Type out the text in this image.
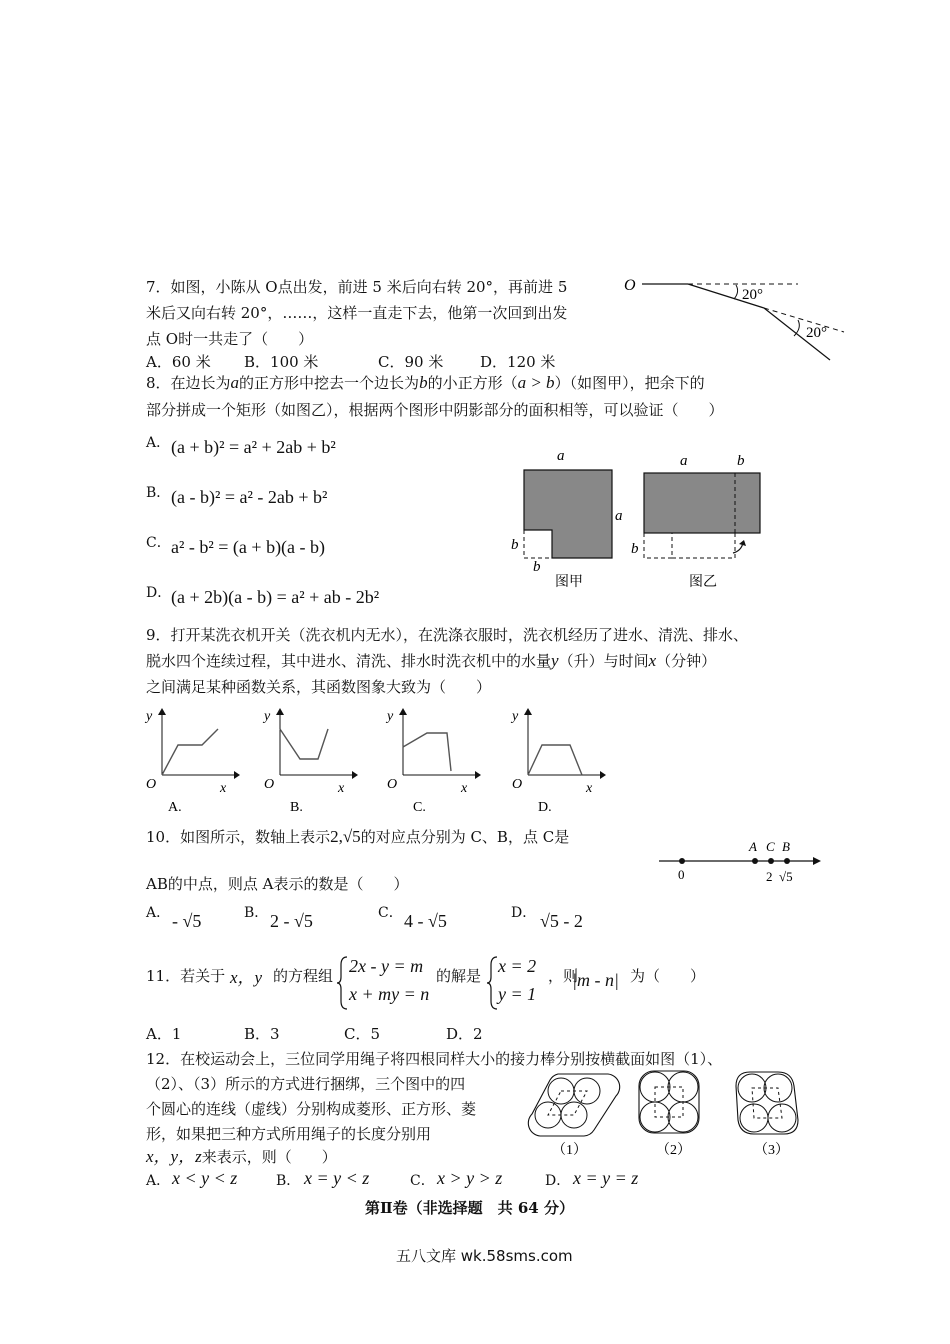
7．如图，小陈从 O点出发，前进 5 米后向右转 20°，再前进 5
米后又向右转 20°，……，这样一直走下去，他第一次回到出发
点 O时一共走了（　　）
A．60 米 B．100 米	C．90 米 D．120 米
O
20°
20°
8．在边长为a的正方形中挖去一个边长为b的小正方形（a > b）（如图甲），把余下的
部分拼成一个矩形（如图乙），根据两个图形中阴影部分的面积相等，可以验证（　　）
A． (a + b)² = a² + 2ab + b²
B． (a - b)² = a² - 2ab + b²
C． a² - b² = (a + b)(a - b)
D． (a + 2b)(a - b) = a² + ab - 2b²
a
a
b
b
图甲
a	b
b
图乙
9．打开某洗衣机开关（洗衣机内无水），在洗涤衣服时，洗衣机经历了进水、清洗、排水、
脱水四个连续过程，其中进水、清洗、排水时洗衣机中的水量y（升）与时间x（分钟）
之间满足某种函数关系，其函数图象大致为（　　）
y
O	x
A.
y
O	x
B.
y
O	x
C.
y
O	x
D.
10．如图所示，数轴上表示2,√5的对应点分别为 C、B，点 C是
AB的中点，则点 A表示的数是（　　）
A C B
0	2 √5
A． - √5	B． 2 - √5	C． 4 - √5	D． √5 - 2
11．若关于 x，y 的方程组 2x - y = m
x + my = n
的解是 x = 2
y = 1
，则
|m - n| 为（　　）
A．1	B．3	C．5	D．2
12．在校运动会上，三位同学用绳子将四根同样大小的接力棒分别按横截面如图（1）、
（2）、（3）所示的方式进行捆绑，三个图中的四
个圆心的连线（虚线）分别构成菱形、正方形、菱
形，如果把三种方式所用绳子的长度分别用
x，y，z来表示，则（　　）	（1）	（2）	（3）
A． x < y < z	B． x = y < z	C． x > y > z	D． x = y = z
第Ⅱ卷（非选择题　共 64 分）
五八文库 wk.58sms.com
